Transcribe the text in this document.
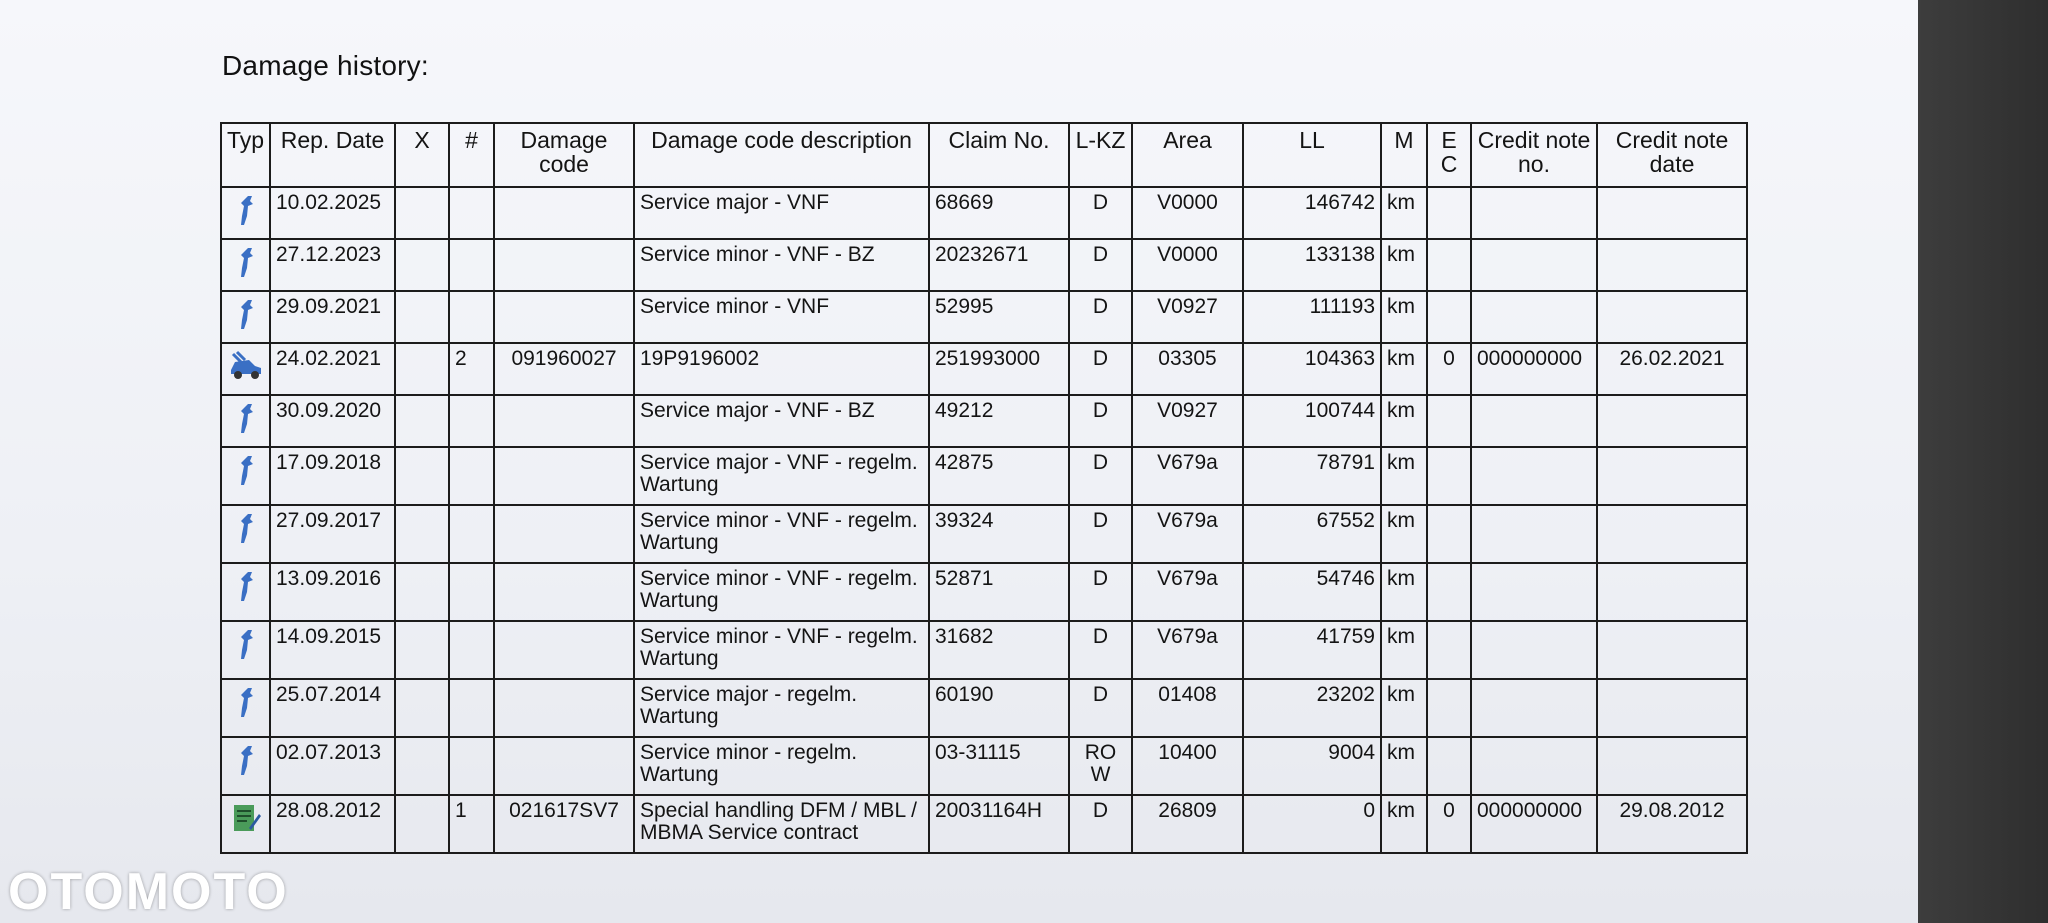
Damage history:
Typ	Rep. Date	X	#	Damage code	Damage code description	Claim No.	L-KZ	Area	LL	M	E C	Credit note no.	Credit note date

	10.02.2025				Service major - VNF	68669	D	V0000	146742	km			

	27.12.2023				Service minor - VNF - BZ	20232671	D	V0000	133138	km			

	29.09.2021				Service minor - VNF	52995	D	V0927	111193	km			

	24.02.2021		2	091960027	19P9196002	251993000	D	03305	104363	km	0	000000000	26.02.2021

	30.09.2020				Service major - VNF - BZ	49212	D	V0927	100744	km			

	17.09.2018				Service major - VNF - regelm. Wartung	42875	D	V679a	78791	km			

	27.09.2017				Service minor - VNF - regelm. Wartung	39324	D	V679a	67552	km			

	13.09.2016				Service minor - VNF - regelm. Wartung	52871	D	V679a	54746	km			

	14.09.2015				Service minor - VNF - regelm. Wartung	31682	D	V679a	41759	km			

	25.07.2014				Service major - regelm. Wartung	60190	D	01408	23202	km			

	02.07.2013				Service minor - regelm. Wartung	03-31115	RO W	10400	9004	km			

	28.08.2012		1	021617SV7	Special handling DFM / MBL / MBMA Service contract	20031164H	D	26809	0	km	0	000000000	29.08.2012
OTOMOTO
